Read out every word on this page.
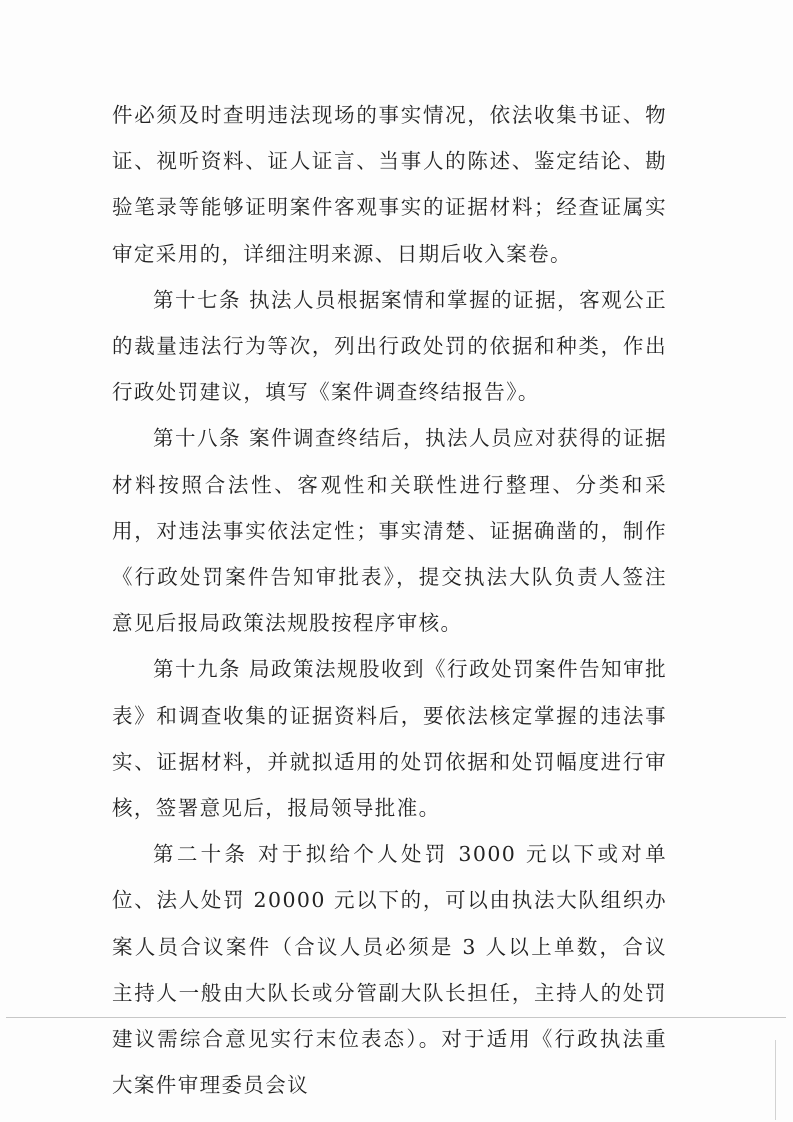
件必须及时查明违法现场的事实情况，依法收集书证、物证、视听资料、证人证言、当事人的陈述、鉴定结论、勘验笔录等能够证明案件客观事实的证据材料；经查证属实审定采用的，详细注明来源、日期后收入案卷。

第十七条 执法人员根据案情和掌握的证据，客观公正的裁量违法行为等次，列出行政处罚的依据和种类，作出行政处罚建议，填写《案件调查终结报告》。

第十八条 案件调查终结后，执法人员应对获得的证据材料按照合法性、客观性和关联性进行整理、分类和采用，对违法事实依法定性；事实清楚、证据确凿的，制作《行政处罚案件告知审批表》，提交执法大队负责人签注意见后报局政策法规股按程序审核。

第十九条 局政策法规股收到《行政处罚案件告知审批表》和调查收集的证据资料后，要依法核定掌握的违法事实、证据材料，并就拟适用的处罚依据和处罚幅度进行审核，签署意见后，报局领导批准。

第二十条 对于拟给个人处罚 3000 元以下或对单位、法人处罚 20000 元以下的，可以由执法大队组织办案人员合议案件（合议人员必须是 3 人以上单数，合议主持人一般由大队长或分管副大队长担任，主持人的处罚建议需综合意见实行末位表态）。对于适用《行政执法重大案件审理委员会议
